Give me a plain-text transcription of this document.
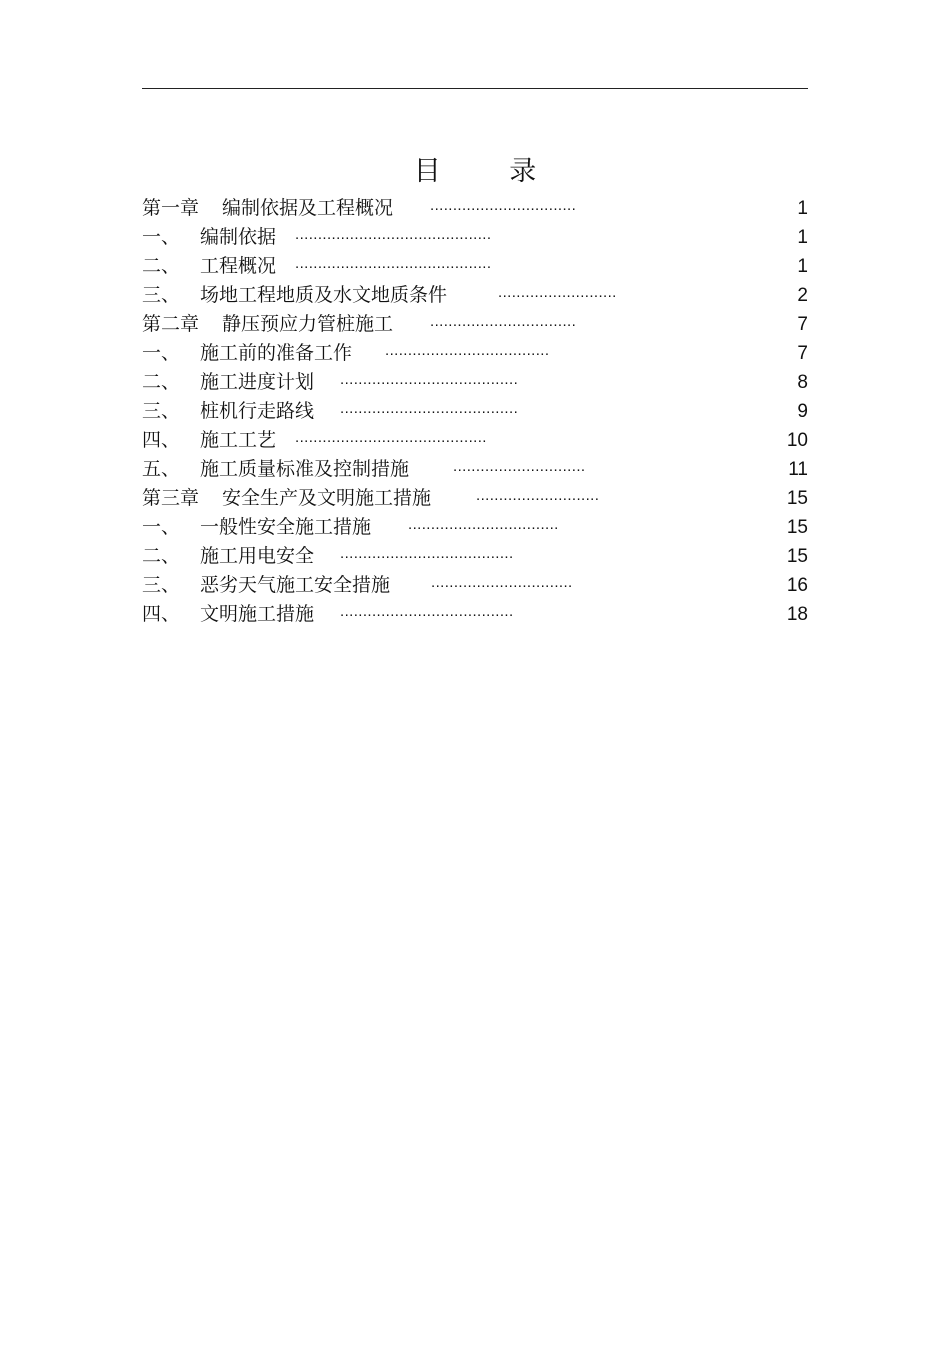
目 录
第一章 编制依据及工程概况 ................................	1
一、 编制依据 ...........................................	1
二、 工程概况 ...........................................	1
三、 场地工程地质及水文地质条件	..........................	2
第二章 静压预应力管桩施工 ................................	7
一、 施工前的准备工作 ....................................	7
二、 施工进度计划 .......................................	8
三、 桩机行走路线 .......................................	9
四、 施工工艺 ..........................................	10
五、 施工质量标准及控制措施	.............................	11
第三章 安全生产及文明施工措施	...........................	15
一、 一般性安全施工措施 .................................	15
二、 施工用电安全 ......................................	15
三、 恶劣天气施工安全措施	...............................	16
四、 文明施工措施 ......................................	18
